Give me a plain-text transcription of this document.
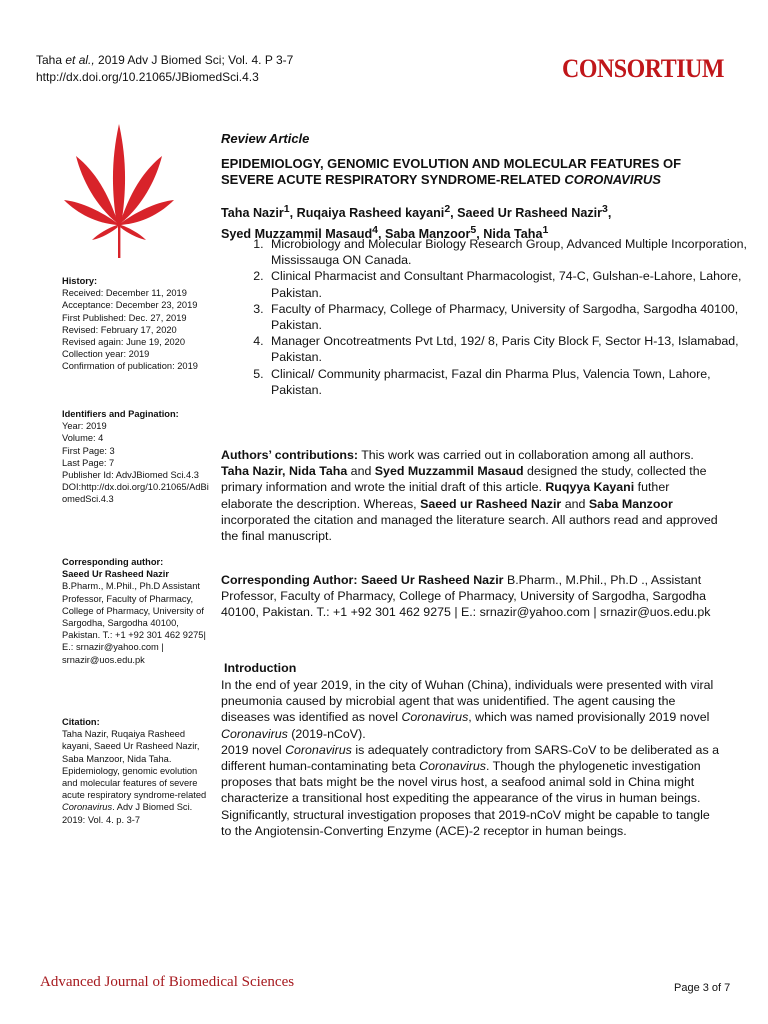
Taha et al., 2019 Adv J Biomed Sci; Vol. 4. P 3-7
http://dx.doi.org/10.21065/JBiomedSci.4.3	CONSORTIUM
History:
Received: December 11, 2019
Acceptance: December 23, 2019
First Published: Dec. 27, 2019
Revised: February 17, 2020
Revised again: June 19, 2020
Collection year: 2019
Confirmation of publication: 2019
Identifiers and Pagination:
Year: 2019
Volume: 4
First Page: 3
Last Page: 7
Publisher Id: AdvJBiomed Sci.4.3
DOI:http://dx.doi.org/10.21065/AdBi
omedSci.4.3
Corresponding author:
Saeed Ur Rasheed Nazir
B.Pharm., M.Phil., Ph.D Assistant
Professor, Faculty of Pharmacy,
College of Pharmacy, University of
Sargodha, Sargodha 40100,
Pakistan. T.: +1 +92 301 462 9275|
E.: srnazir@yahoo.com |
srnazir@uos.edu.pk
Citation:
Taha Nazir, Ruqaiya Rasheed
kayani, Saeed Ur Rasheed Nazir,
Saba Manzoor, Nida Taha.
Epidemiology, genomic evolution
and molecular features of severe
acute respiratory syndrome-related
Coronavirus. Adv J Biomed Sci.
2019: Vol. 4. p. 3-7
Review Article
EPIDEMIOLOGY, GENOMIC EVOLUTION AND MOLECULAR FEATURES OF
SEVERE ACUTE RESPIRATORY SYNDROME-RELATED CORONAVIRUS
Taha Nazir$^1$, Ruqaiya Rasheed kayani$^2$, Saeed Ur Rasheed Nazir$^3$, Syed Muzzammil Masaud$^4$, Saba Manzoor$^5$, Nida Taha$^1$
1. Microbiology and Molecular Biology Research Group, Advanced Multiple Incorporation, Mississauga ON Canada.
2. Clinical Pharmacist and Consultant Pharmacologist, 74-C, Gulshan-e-Lahore, Lahore, Pakistan.
3. Faculty of Pharmacy, College of Pharmacy, University of Sargodha, Sargodha 40100, Pakistan.
4. Manager Oncotreatments Pvt Ltd, 192/ 8, Paris City Block F, Sector H-13, Islamabad, Pakistan.
5. Clinical/ Community pharmacist, Fazal din Pharma Plus, Valencia Town, Lahore, Pakistan.

Authors’ contributions: This work was carried out in collaboration among all authors. Taha Nazir, Nida Taha and Syed Muzzammil Masaud designed the study, collected the primary information and wrote the initial draft of this article. Ruqyya Kayani futher elaborate the description. Whereas, Saeed ur Rasheed Nazir and Saba Manzoor incorporated the citation and managed the literature search. All authors read and approved the final manuscript.

Corresponding Author: Saeed Ur Rasheed Nazir B.Pharm., M.Phil., Ph.D ., Assistant Professor, Faculty of Pharmacy, College of Pharmacy, University of Sargodha, Sargodha 40100, Pakistan. T.: +1 +92 301 462 9275 | E.: srnazir@yahoo.com | srnazir@uos.edu.pk

Introduction

In the end of year 2019, in the city of Wuhan (China), individuals were presented with viral pneumonia caused by microbial agent that was unidentified. The agent causing the diseases was identified as novel Coronavirus, which was named provisionally 2019 novel Coronavirus (2019-nCoV).
2019 novel Coronavirus is adequately contradictory from SARS-CoV to be deliberated as a different human-contaminating beta Coronavirus. Though the phylogenetic investigation proposes that bats might be the novel virus host, a seafood animal sold in China might characterize a transitional host expediting the appearance of the virus in human beings. Significantly, structural investigation proposes that 2019-nCoV might be capable to tangle to the Angiotensin-Converting Enzyme (ACE)-2 receptor in human beings.

Advanced Journal of Biomedical Sciences	Page 3 of 7
